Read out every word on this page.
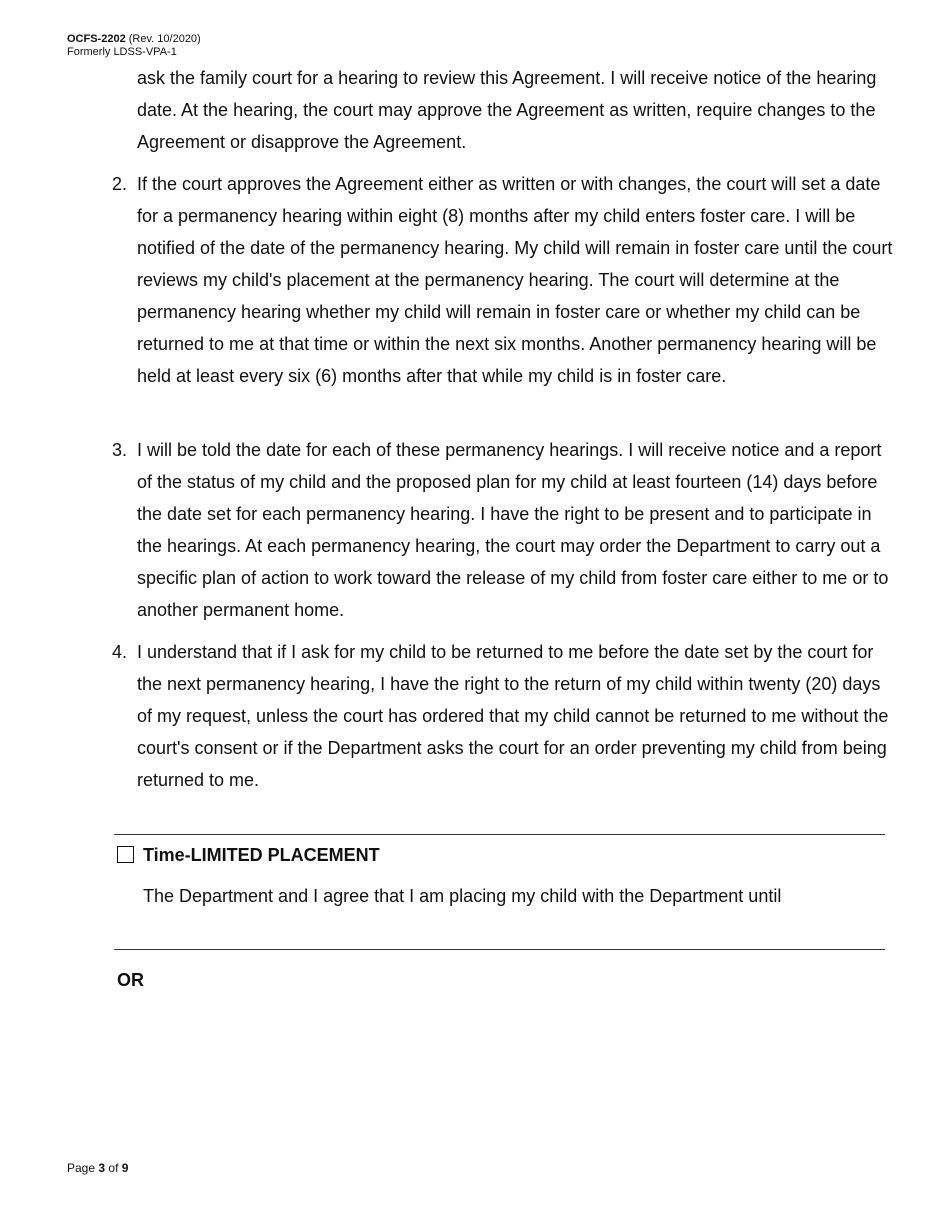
OCFS-2202 (Rev. 10/2020)
Formerly LDSS-VPA-1
ask the family court for a hearing to review this Agreement. I will receive notice of the hearing date. At the hearing, the court may approve the Agreement as written, require changes to the Agreement or disapprove the Agreement.
2. If the court approves the Agreement either as written or with changes, the court will set a date for a permanency hearing within eight (8) months after my child enters foster care. I will be notified of the date of the permanency hearing. My child will remain in foster care until the court reviews my child's placement at the permanency hearing. The court will determine at the permanency hearing whether my child will remain in foster care or whether my child can be returned to me at that time or within the next six months. Another permanency hearing will be held at least every six (6) months after that while my child is in foster care.
3. I will be told the date for each of these permanency hearings. I will receive notice and a report of the status of my child and the proposed plan for my child at least fourteen (14) days before the date set for each permanency hearing. I have the right to be present and to participate in the hearings. At each permanency hearing, the court may order the Department to carry out a specific plan of action to work toward the release of my child from foster care either to me or to another permanent home.
4. I understand that if I ask for my child to be returned to me before the date set by the court for the next permanency hearing, I have the right to the return of my child within twenty (20) days of my request, unless the court has ordered that my child cannot be returned to me without the court's consent or if the Department asks the court for an order preventing my child from being returned to me.
Time-LIMITED PLACEMENT
The Department and I agree that I am placing my child with the Department until
OR
Page 3 of 9
